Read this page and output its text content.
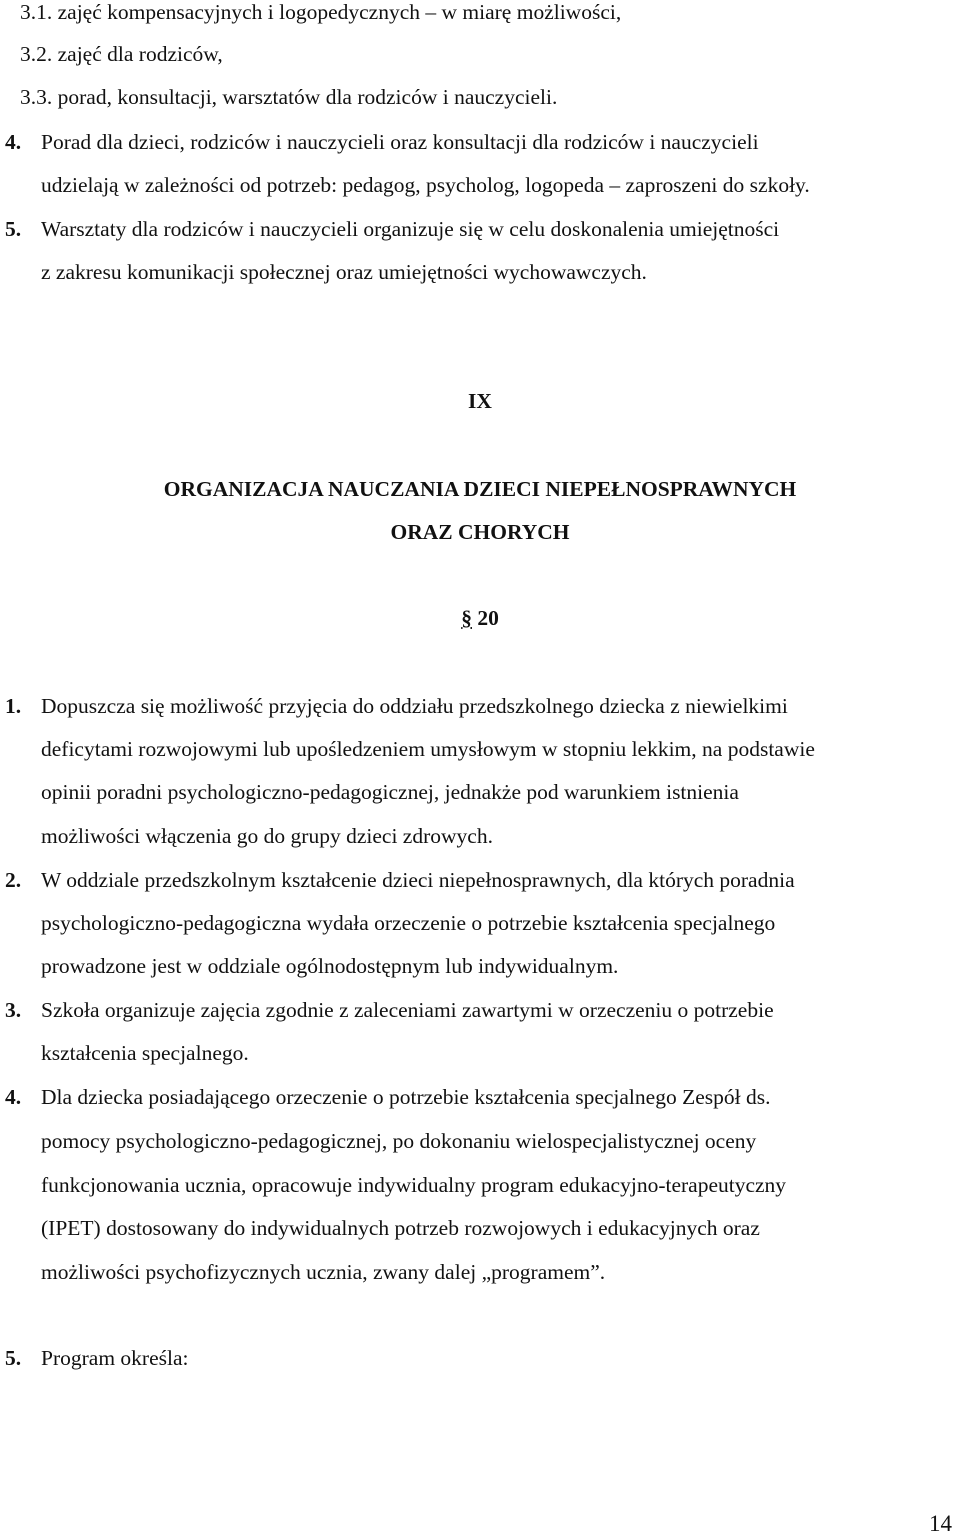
3.1. zajęć kompensacyjnych i logopedycznych – w miarę możliwości,
3.2. zajęć dla rodziców,
3.3. porad, konsultacji, warsztatów dla rodziców i nauczycieli.
4. Porad dla dzieci, rodziców i nauczycieli oraz konsultacji dla rodziców i nauczycieli
udzielają w zależności od potrzeb: pedagog, psycholog, logopeda – zaproszeni do szkoły.
5. Warsztaty dla rodziców i nauczycieli organizuje się w celu doskonalenia umiejętności
z zakresu komunikacji społecznej oraz umiejętności wychowawczych.
IX
ORGANIZACJA NAUCZANIA DZIECI NIEPEŁNOSPRAWNYCH
ORAZ CHORYCH
§ 20
1. Dopuszcza się możliwość przyjęcia do oddziału przedszkolnego dziecka z niewielkimi
deficytami rozwojowymi lub upośledzeniem umysłowym w stopniu lekkim, na podstawie
opinii poradni psychologiczno-pedagogicznej, jednakże pod warunkiem istnienia
możliwości włączenia go do grupy dzieci zdrowych.
2. W oddziale przedszkolnym kształcenie dzieci niepełnosprawnych, dla których poradnia
psychologiczno-pedagogiczna wydała orzeczenie o potrzebie kształcenia specjalnego
prowadzone jest w oddziale ogólnodostępnym lub indywidualnym.
3. Szkoła organizuje zajęcia zgodnie z zaleceniami zawartymi w orzeczeniu o potrzebie
kształcenia specjalnego.
4. Dla dziecka posiadającego orzeczenie o potrzebie kształcenia specjalnego Zespół ds.
pomocy psychologiczno-pedagogicznej, po dokonaniu wielospecjalistycznej oceny
funkcjonowania ucznia, opracowuje indywidualny program edukacyjno-terapeutyczny
(IPET) dostosowany do indywidualnych potrzeb rozwojowych i edukacyjnych oraz
możliwości psychofizycznych ucznia, zwany dalej „programem”.
5. Program określa:
14
